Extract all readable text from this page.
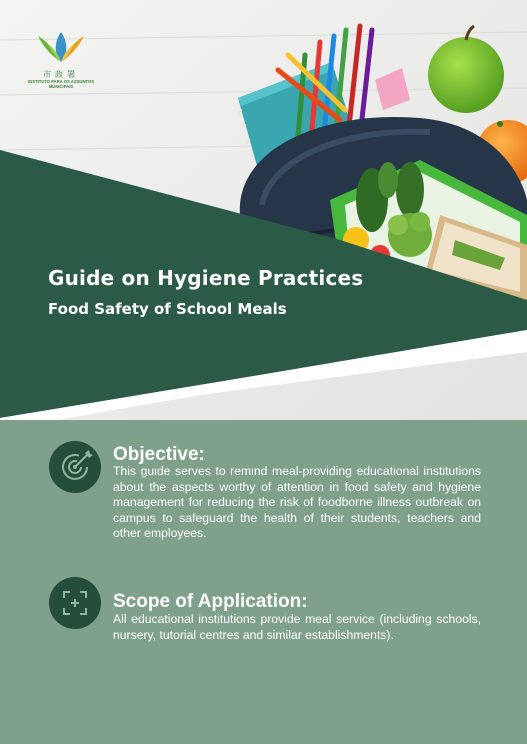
市政署
INSTITUTO PARA OS ASSUNTOS MUNICIPAIS
Guide on Hygiene Practices
Food Safety of School Meals
Objective:

This guide serves to remind meal-providing educational institutions about the aspects worthy of attention in food safety and hygiene management for reducing the risk of foodborne illness outbreak on campus to safeguard the health of their students, teachers and other employees.

Scope of Application:

All educational institutions provide meal service (including schools, nursery, tutorial centres and similar establishments).
